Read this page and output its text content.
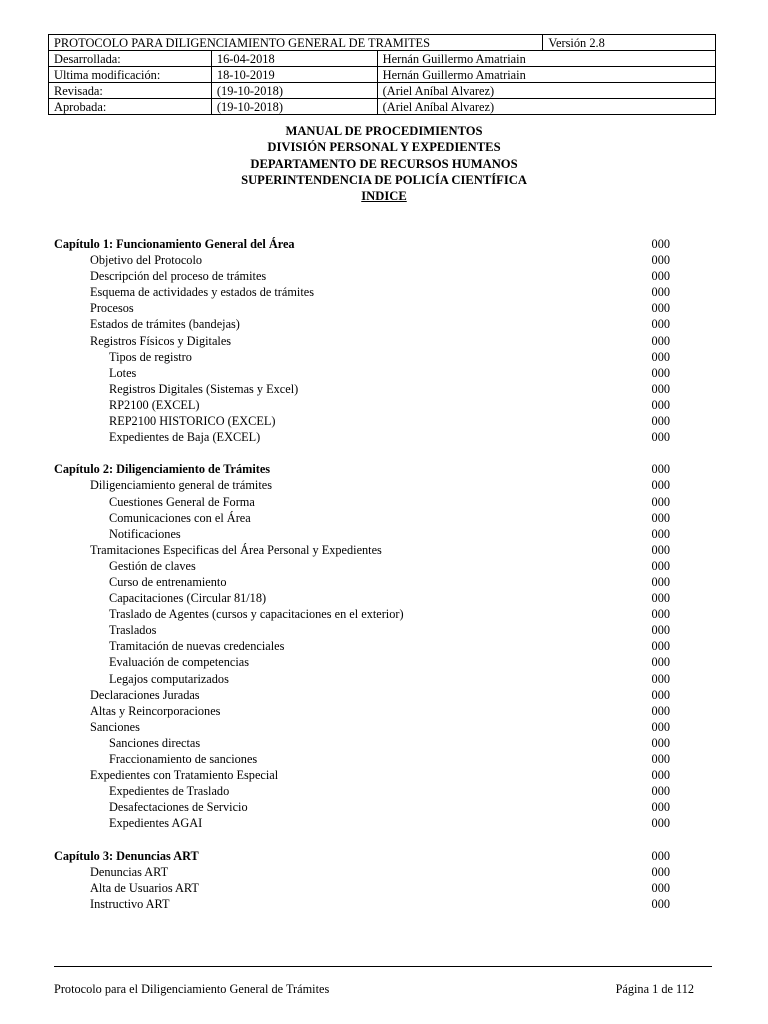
PROTOCOLO PARA DILIGENCIAMIENTO GENERAL DE TRAMITES			Versión 2.8
Desarrollada:	16-04-2018	Hernán Guillermo Amatriain	
Ultima modificación:	18-10-2019	Hernán Guillermo Amatriain	
Revisada:	(19-10-2018)	(Ariel Aníbal Alvarez)	
Aprobada:	(19-10-2018)	(Ariel Aníbal Alvarez)	
MANUAL DE PROCEDIMIENTOS
DIVISIÓN PERSONAL Y EXPEDIENTES
DEPARTAMENTO DE RECURSOS HUMANOS
SUPERINTENDENCIA DE POLICÍA CIENTÍFICA
INDICE
Capítulo 1: Funcionamiento General del Área	000
Objetivo del Protocolo	000
Descripción del proceso de trámites	000
Esquema de actividades y estados de trámites	000
Procesos	000
Estados de trámites (bandejas)	000
Registros Físicos y Digitales	000
Tipos de registro	000
Lotes	000
Registros Digitales (Sistemas y Excel)	000
RP2100 (EXCEL)	000
REP2100 HISTORICO (EXCEL)	000
Expedientes de Baja (EXCEL)	000
Capítulo 2: Diligenciamiento de Trámites	000
Diligenciamiento general de trámites	000
Cuestiones General de Forma	000
Comunicaciones con el Área	000
Notificaciones	000
Tramitaciones Especificas del Área Personal y Expedientes	000
Gestión de claves	000
Curso de entrenamiento	000
Capacitaciones (Circular 81/18)	000
Traslado de Agentes (cursos y capacitaciones en el exterior)	000
Traslados	000
Tramitación de nuevas credenciales	000
Evaluación de competencias	000
Legajos computarizados	000
Declaraciones Juradas	000
Altas y Reincorporaciones	000
Sanciones	000
Sanciones directas	000
Fraccionamiento de sanciones	000
Expedientes con Tratamiento Especial	000
Expedientes de Traslado	000
Desafectaciones de Servicio	000
Expedientes AGAI	000
Capítulo 3: Denuncias ART	000
Denuncias ART	000
Alta de Usuarios ART	000
Instructivo ART	000
Protocolo para el Diligenciamiento General de Trámites	Página 1 de 112
